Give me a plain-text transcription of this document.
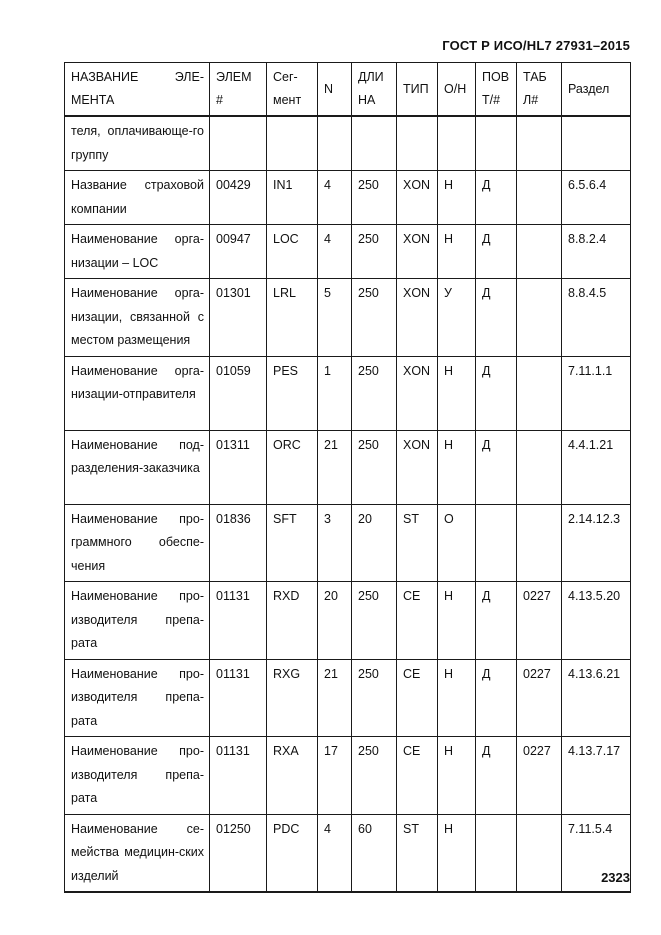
ГОСТ Р ИСО/HL7 27931–2015
НАЗВАНИЕ ЭЛЕ-МЕНТА	ЭЛЕМ #	Сег-мент	N	ДЛИ НА	ТИП	О/Н	ПОВ Т/#	ТАБ Л#	Раздел
теля, оплачивающе-го группу									
Название страховой компании	00429	IN1	4	250	XON	Н	Д		6.5.6.4
Наименование орга-низации – LOC	00947	LOC	4	250	XON	Н	Д		8.8.2.4
Наименование орга-низации, связанной с местом размещения	01301	LRL	5	250	XON	У	Д		8.8.4.5
Наименование орга-низации-отправителя	01059	PES	1	250	XON	Н	Д		7.11.1.1
Наименование под-разделения-заказчика	01311	ORC	21	250	XON	Н	Д		4.4.1.21
Наименование про-граммного обеспе-чения	01836	SFT	3	20	ST	О			2.14.12.3
Наименование про-изводителя препа-рата	01131	RXD	20	250	CE	Н	Д	0227	4.13.5.20
Наименование про-изводителя препа-рата	01131	RXG	21	250	CE	Н	Д	0227	4.13.6.21
Наименование про-изводителя препа-рата	01131	RXA	17	250	CE	Н	Д	0227	4.13.7.17
Наименование се-мейства медицин-ских изделий	01250	PDC	4	60	ST	Н			7.11.5.4
2323
